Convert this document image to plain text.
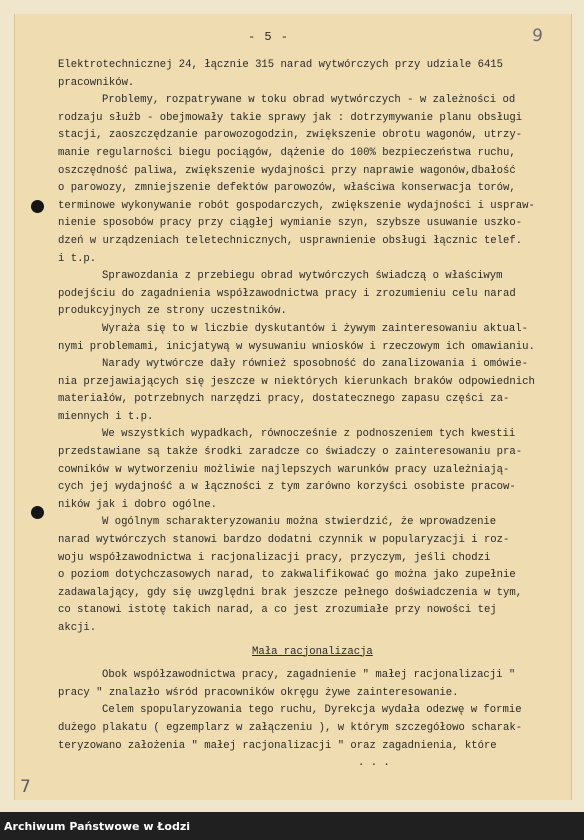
- 5 -	9
7
Elektrotechnicznej 24, łącznie 315 narad wytwórczych przy udziale 6415
pracowników.
Problemy, rozpatrywane w toku obrad wytwórczych - w zależności od
rodzaju służb - obejmowały takie sprawy jak : dotrzymywanie planu obsługi
stacji, zaoszczędzanie parowozogodzin, zwiększenie obrotu wagonów, utrzy-
manie regularności biegu pociągów, dążenie do 100% bezpieczeństwa ruchu,
oszczędność paliwa, zwiększenie wydajności przy naprawie wagonów,dbałość
o parowozy, zmniejszenie defektów parowozów, właściwa konserwacja torów,
terminowe wykonywanie robót gospodarczych, zwiększenie wydajności i uspraw-
nienie sposobów pracy przy ciągłej wymianie szyn, szybsze usuwanie uszko-
dzeń w urządzeniach teletechnicznych, usprawnienie obsługi łącznic telef.
i t.p.
Sprawozdania z przebiegu obrad wytwórczych świadczą o właściwym
podejściu do zagadnienia współzawodnictwa pracy i zrozumieniu celu narad
produkcyjnych ze strony uczestników.
Wyraża się to w liczbie dyskutantów i żywym zainteresowaniu aktual-
nymi problemami, inicjatywą w wysuwaniu wniosków i rzeczowym ich omawianiu.
Narady wytwórcze dały również sposobność do zanalizowania i omówie-
nia przejawiających się jeszcze w niektórych kierunkach braków odpowiednich
materiałów, potrzebnych narzędzi pracy, dostatecznego zapasu części za-
miennych i t.p.
We wszystkich wypadkach, równocześnie z podnoszeniem tych kwestii
przedstawiane są także środki zaradcze co świadczy o zainteresowaniu pra-
cowników w wytworzeniu możliwie najlepszych warunków pracy uzależniają-
cych jej wydajność a w łączności z tym zarówno korzyści osobiste pracow-
ników jak i dobro ogólne.
W ogólnym scharakteryzowaniu można stwierdzić, że wprowadzenie
narad wytwórczych stanowi bardzo dodatni czynnik w popularyzacji i roz-
woju współzawodnictwa i racjonalizacji pracy, przyczym, jeśli chodzi
o poziom dotychczasowych narad, to zakwalifikować go można jako zupełnie
zadawalający, gdy się uwzględni brak jeszcze pełnego doświadczenia w tym,
co stanowi istotę takich narad, a co jest zrozumiałe przy nowości tej
akcji.
Mała racjonalizacja
Obok współzawodnictwa pracy, zagadnienie " małej racjonalizacji "
pracy " znalazło wśród pracowników okręgu żywe zainteresowanie.
Celem spopularyzowania tego ruchu, Dyrekcja wydała odezwę w formie
dużego plakatu ( egzemplarz w załączeniu ), w którym szczegółowo scharak-
teryzowano założenia " małej racjonalizacji " oraz zagadnienia, które
. . .
Archiwum Państwowe w Łodzi
